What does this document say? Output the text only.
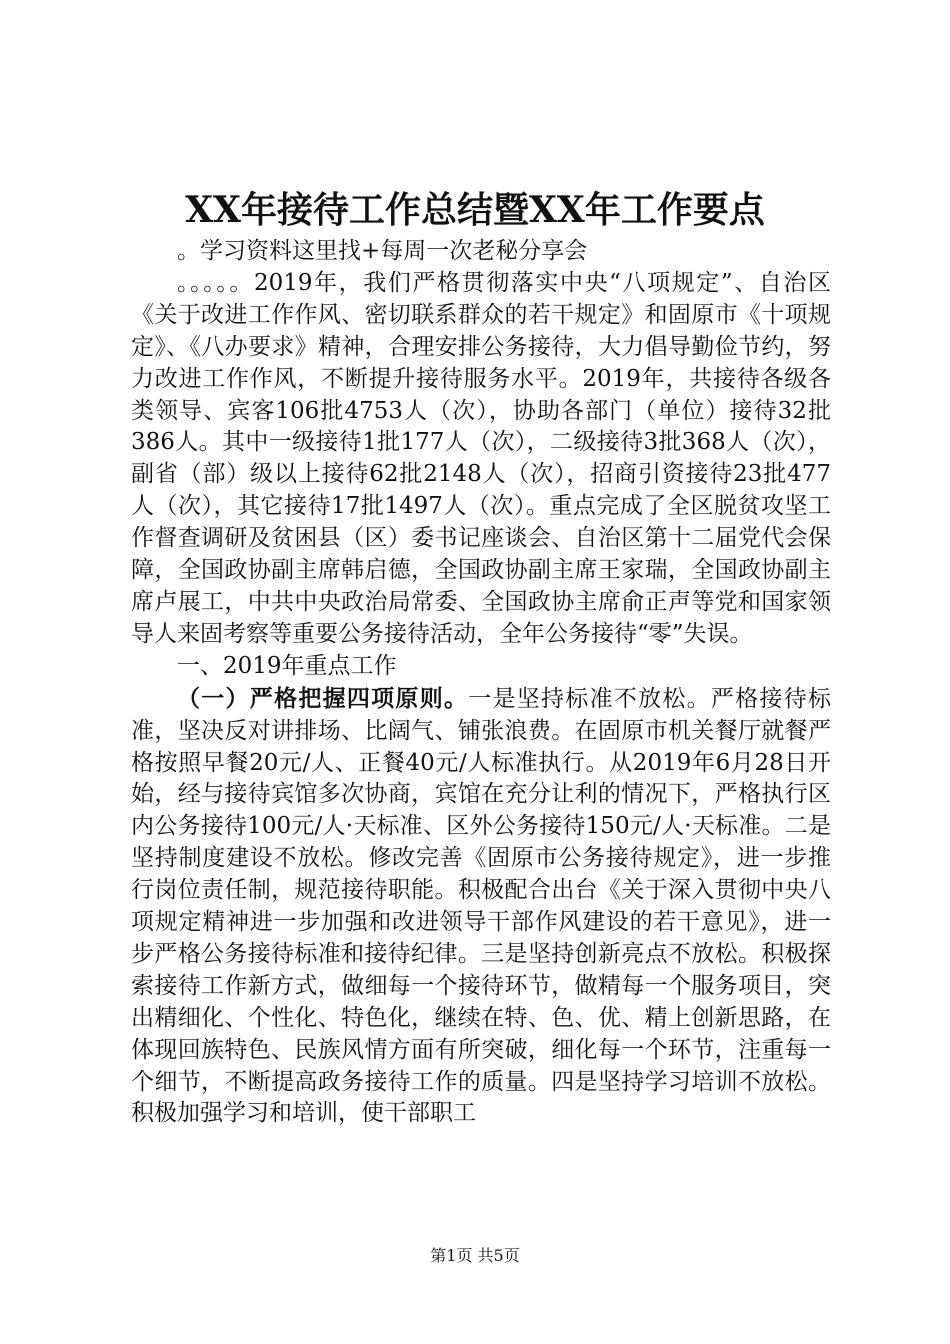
XX年接待工作总结暨XX年工作要点

。学习资料这里找+每周一次老秘分享会

。。。。。2019年，我们严格贯彻落实中央“八项规定”、自治区《关于改进工作作风、密切联系群众的若干规定》和固原市《十项规定》、《八办要求》精神，合理安排公务接待，大力倡导勤俭节约，努力改进工作作风，不断提升接待服务水平。2019年，共接待各级各类领导、宾客106批4753人（次），协助各部门（单位）接待32批386人。其中一级接待1批177人（次），二级接待3批368人（次），副省（部）级以上接待62批2148人（次），招商引资接待23批477人（次），其它接待17批1497人（次）。重点完成了全区脱贫攻坚工作督查调研及贫困县（区）委书记座谈会、自治区第十二届党代会保障，全国政协副主席韩启德，全国政协副主席王家瑞，全国政协副主席卢展工，中共中央政治局常委、全国政协主席俞正声等党和国家领导人来固考察等重要公务接待活动，全年公务接待“零”失误。

一、2019年重点工作

（一）严格把握四项原则。一是坚持标准不放松。严格接待标准，坚决反对讲排场、比阔气、铺张浪费。在固原市机关餐厅就餐严格按照早餐20元/人、正餐40元/人标准执行。从2019年6月28日开始，经与接待宾馆多次协商，宾馆在充分让利的情况下，严格执行区内公务接待100元/人·天标准、区外公务接待150元/人·天标准。二是坚持制度建设不放松。修改完善《固原市公务接待规定》，进一步推行岗位责任制，规范接待职能。积极配合出台《关于深入贯彻中央八项规定精神进一步加强和改进领导干部作风建设的若干意见》，进一步严格公务接待标准和接待纪律。三是坚持创新亮点不放松。积极探索接待工作新方式，做细每一个接待环节，做精每一个服务项目，突出精细化、个性化、特色化，继续在特、色、优、精上创新思路，在体现回族特色、民族风情方面有所突破，细化每一个环节，注重每一个细节，不断提高政务接待工作的质量。四是坚持学习培训不放松。积极加强学习和培训，使干部职工

第1页 共5页
